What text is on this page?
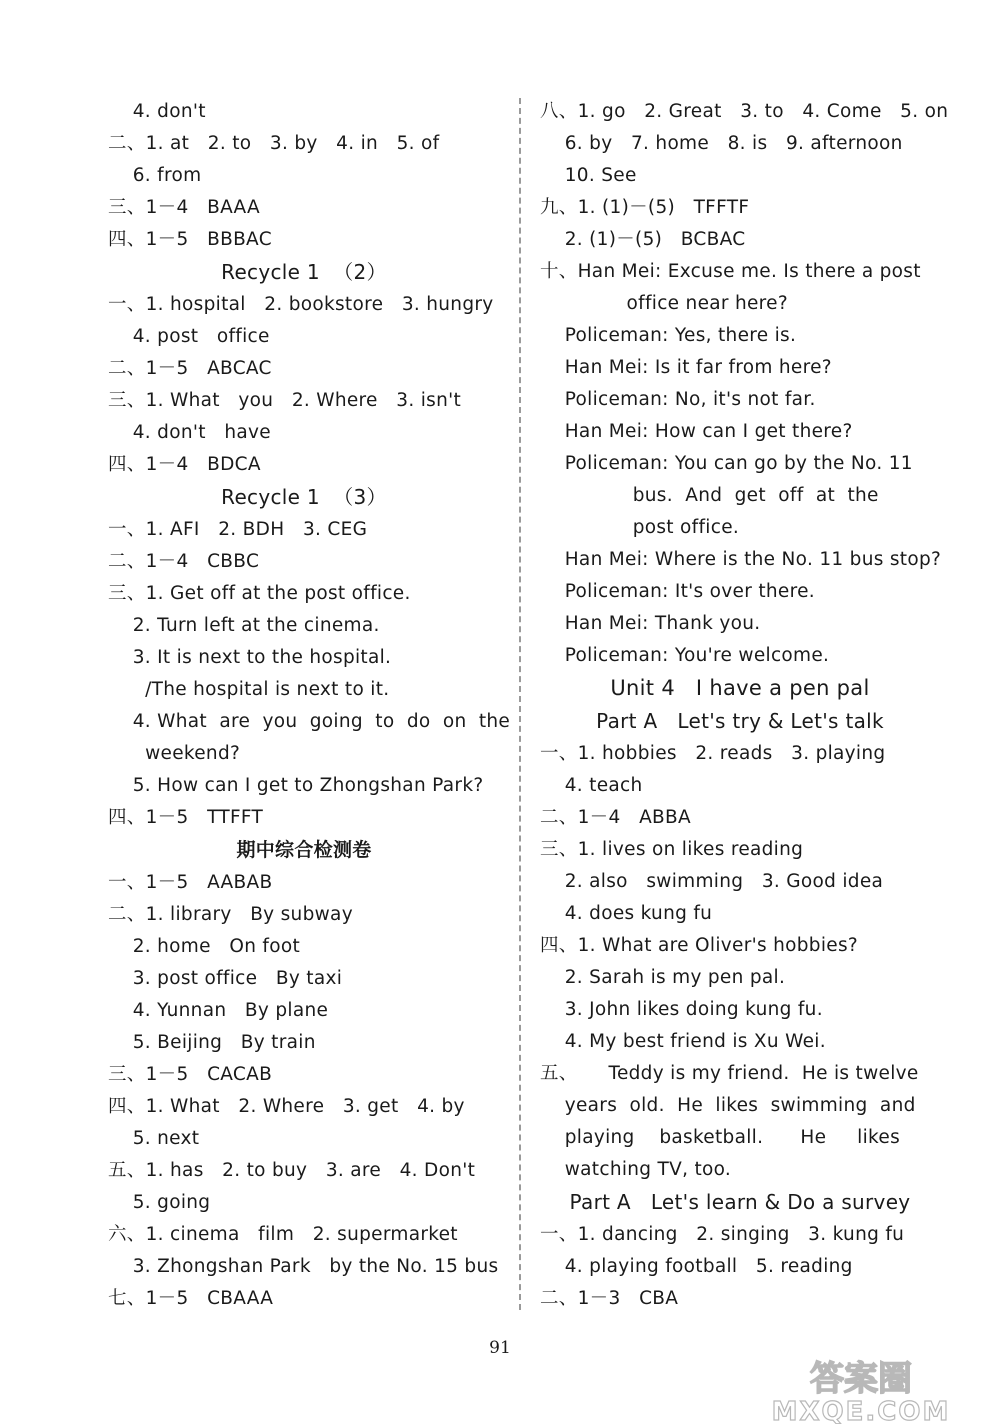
4. don't
二、1. at   2. to   3. by   4. in   5. of
6. from
三、1－4   BAAA
四、1－5   BBBAC
Recycle 1  （2）
一、1. hospital   2. bookstore   3. hungry
4. post   office
二、1－5   ABCAC
三、1. What   you   2. Where   3. isn't
4. don't   have
四、1－4   BDCA
Recycle 1  （3）
一、1. AFI   2. BDH   3. CEG
二、1－4   CBBC
三、1. Get off at the post office.
2. Turn left at the cinema.
3. It is next to the hospital.
/The hospital is next to it.
4. What  are  you  going  to  do  on  the
weekend?
5. How can I get to Zhongshan Park?
四、1－5   TTFFT
期中综合检测卷
一、1－5   AABAB
二、1. library   By subway
2. home   On foot
3. post office   By taxi
4. Yunnan   By plane
5. Beijing   By train
三、1－5   CACAB
四、1. What   2. Where   3. get   4. by
5. next
五、1. has   2. to buy   3. are   4. Don't
5. going
六、1. cinema   film   2. supermarket
3. Zhongshan Park   by the No. 15 bus
七、1－5   CBAAA
八、1. go   2. Great   3. to   4. Come   5. on
6. by   7. home   8. is   9. afternoon
10. See
九、1. (1)－(5)   TFFTF
2. (1)－(5)   BCBAC
十、Han Mei: Excuse me. Is there a post
office near here?
Policeman: Yes, there is.
Han Mei: Is it far from here?
Policeman: No, it's not far.
Han Mei: How can I get there?
Policeman: You can go by the No. 11
bus.  And  get  off  at  the
post office.
Han Mei: Where is the No. 11 bus stop?
Policeman: It's over there.
Han Mei: Thank you.
Policeman: You're welcome.
Unit 4   I have a pen pal
Part A   Let's try & Let's talk
一、1. hobbies   2. reads   3. playing
4. teach
二、1－4   ABBA
三、1. lives on likes reading
2. also   swimming   3. Good idea
4. does kung fu
四、1. What are Oliver's hobbies?
2. Sarah is my pen pal.
3. John likes doing kung fu.
4. My best friend is Xu Wei.
五、     Teddy is my friend.  He is twelve
years  old.  He  likes  swimming  and
playing    basketball.      He     likes
watching TV, too.
Part A   Let's learn & Do a survey
一、1. dancing   2. singing   3. kung fu
4. playing football   5. reading
二、1－3   CBA
91
答案圈
MXQE.COM
